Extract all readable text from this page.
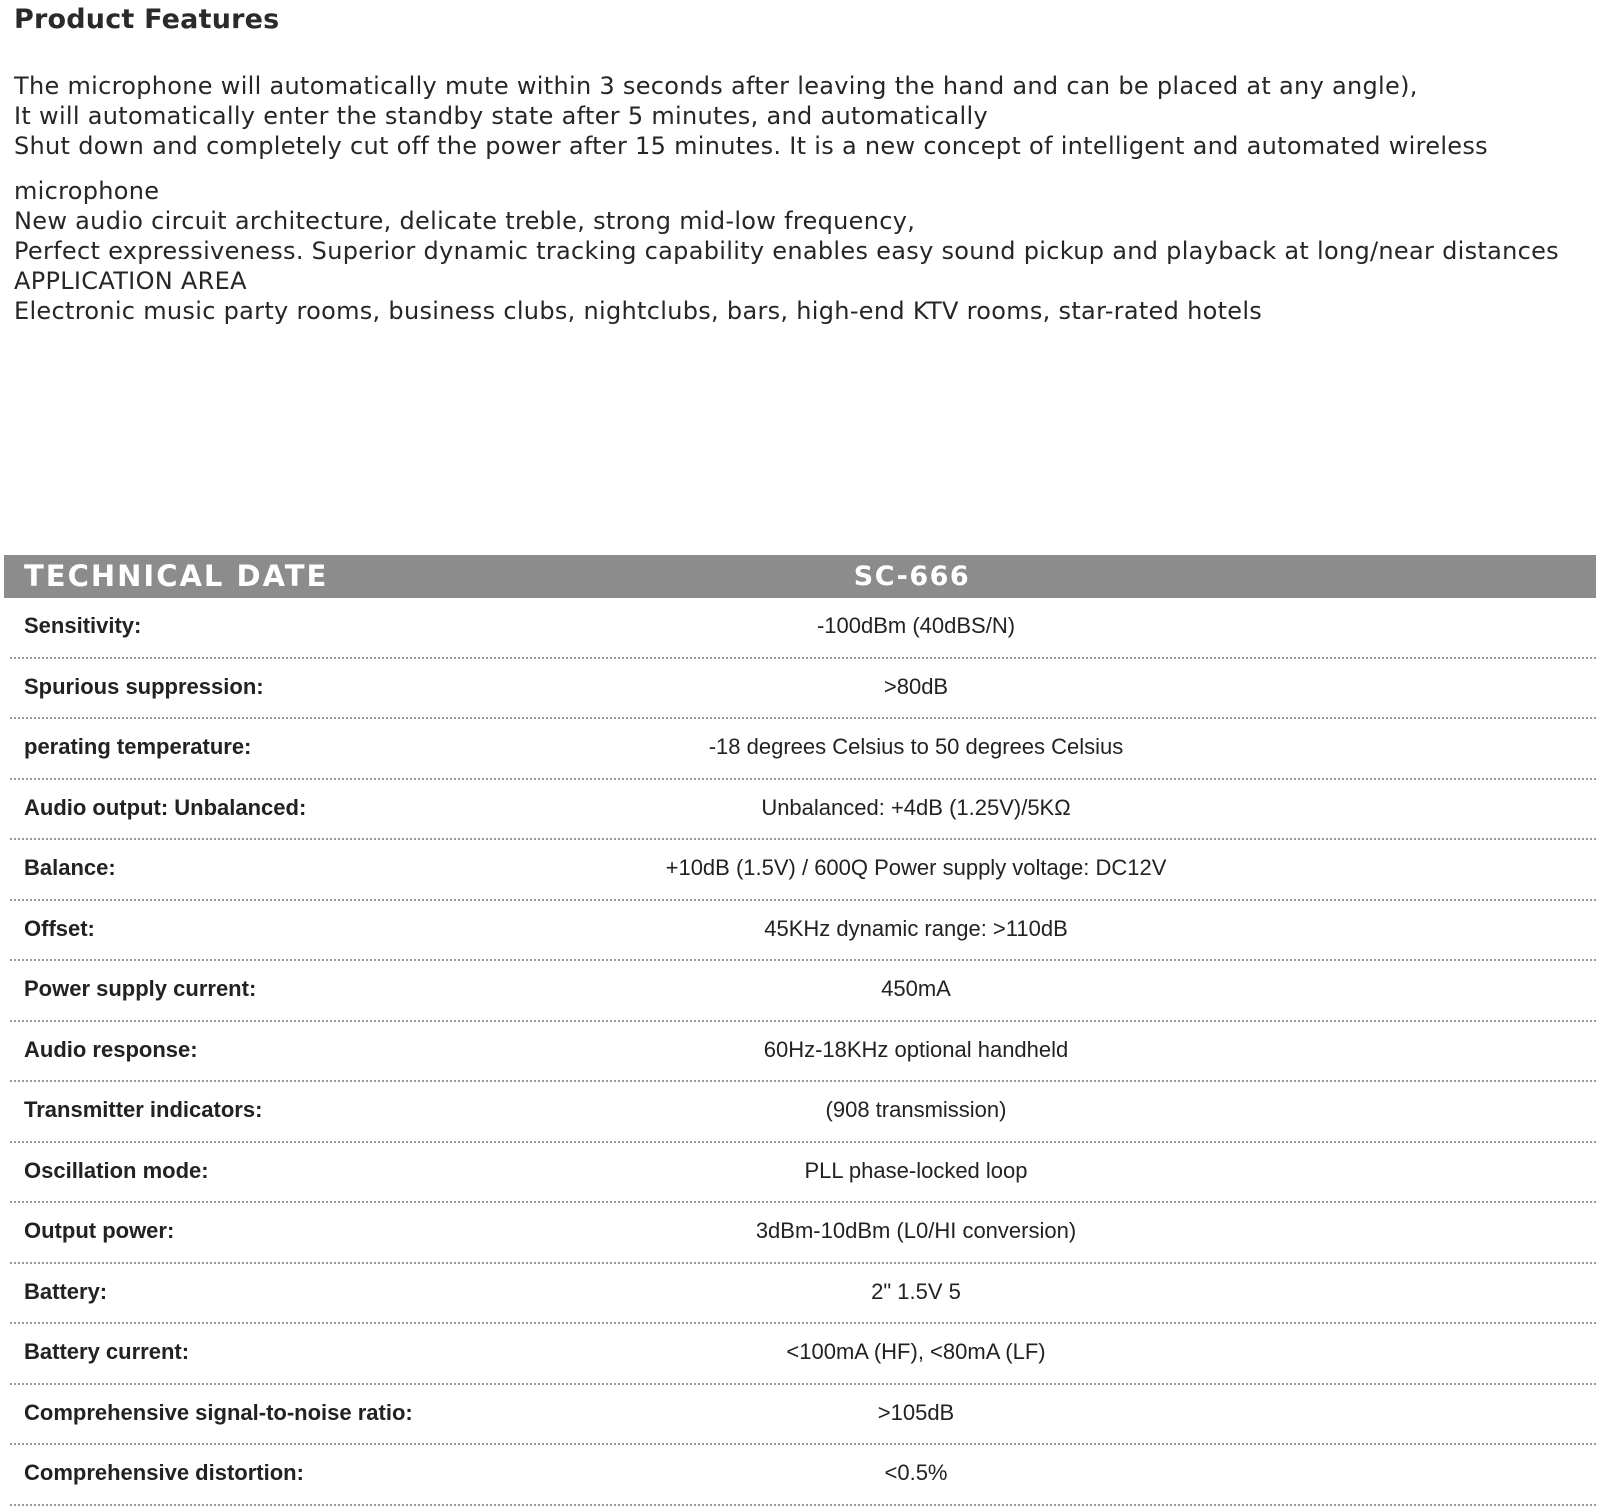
Product Features
The microphone will automatically mute within 3 seconds after leaving the hand and can be placed at any angle),
It will automatically enter the standby state after 5 minutes, and automatically
Shut down and completely cut off the power after 15 minutes. It is a new concept of intelligent and automated wireless
microphone
New audio circuit architecture, delicate treble, strong mid-low frequency,
Perfect expressiveness. Superior dynamic tracking capability enables easy sound pickup and playback at long/near distances
APPLICATION AREA
Electronic music party rooms, business clubs, nightclubs, bars, high-end KTV rooms, star-rated hotels
TECHNICAL DATE	SC-666
Sensitivity:	-100dBm (40dBS/N)
Spurious suppression:	>80dB
perating temperature:	-18 degrees Celsius to 50 degrees Celsius
Audio output: Unbalanced:	Unbalanced: +4dB (1.25V)/5KΩ
Balance:	+10dB (1.5V) / 600Q Power supply voltage: DC12V
Offset:	45KHz dynamic range: >110dB
Power supply current:	450mA
Audio response:	60Hz-18KHz optional handheld
Transmitter indicators:	(908 transmission)
Oscillation mode:	PLL phase-locked loop
Output power:	3dBm-10dBm (L0/HI conversion)
Battery:	2" 1.5V 5
Battery current:	<100mA (HF), <80mA (LF)
Comprehensive signal-to-noise ratio:	>105dB
Comprehensive distortion:	<0.5%
